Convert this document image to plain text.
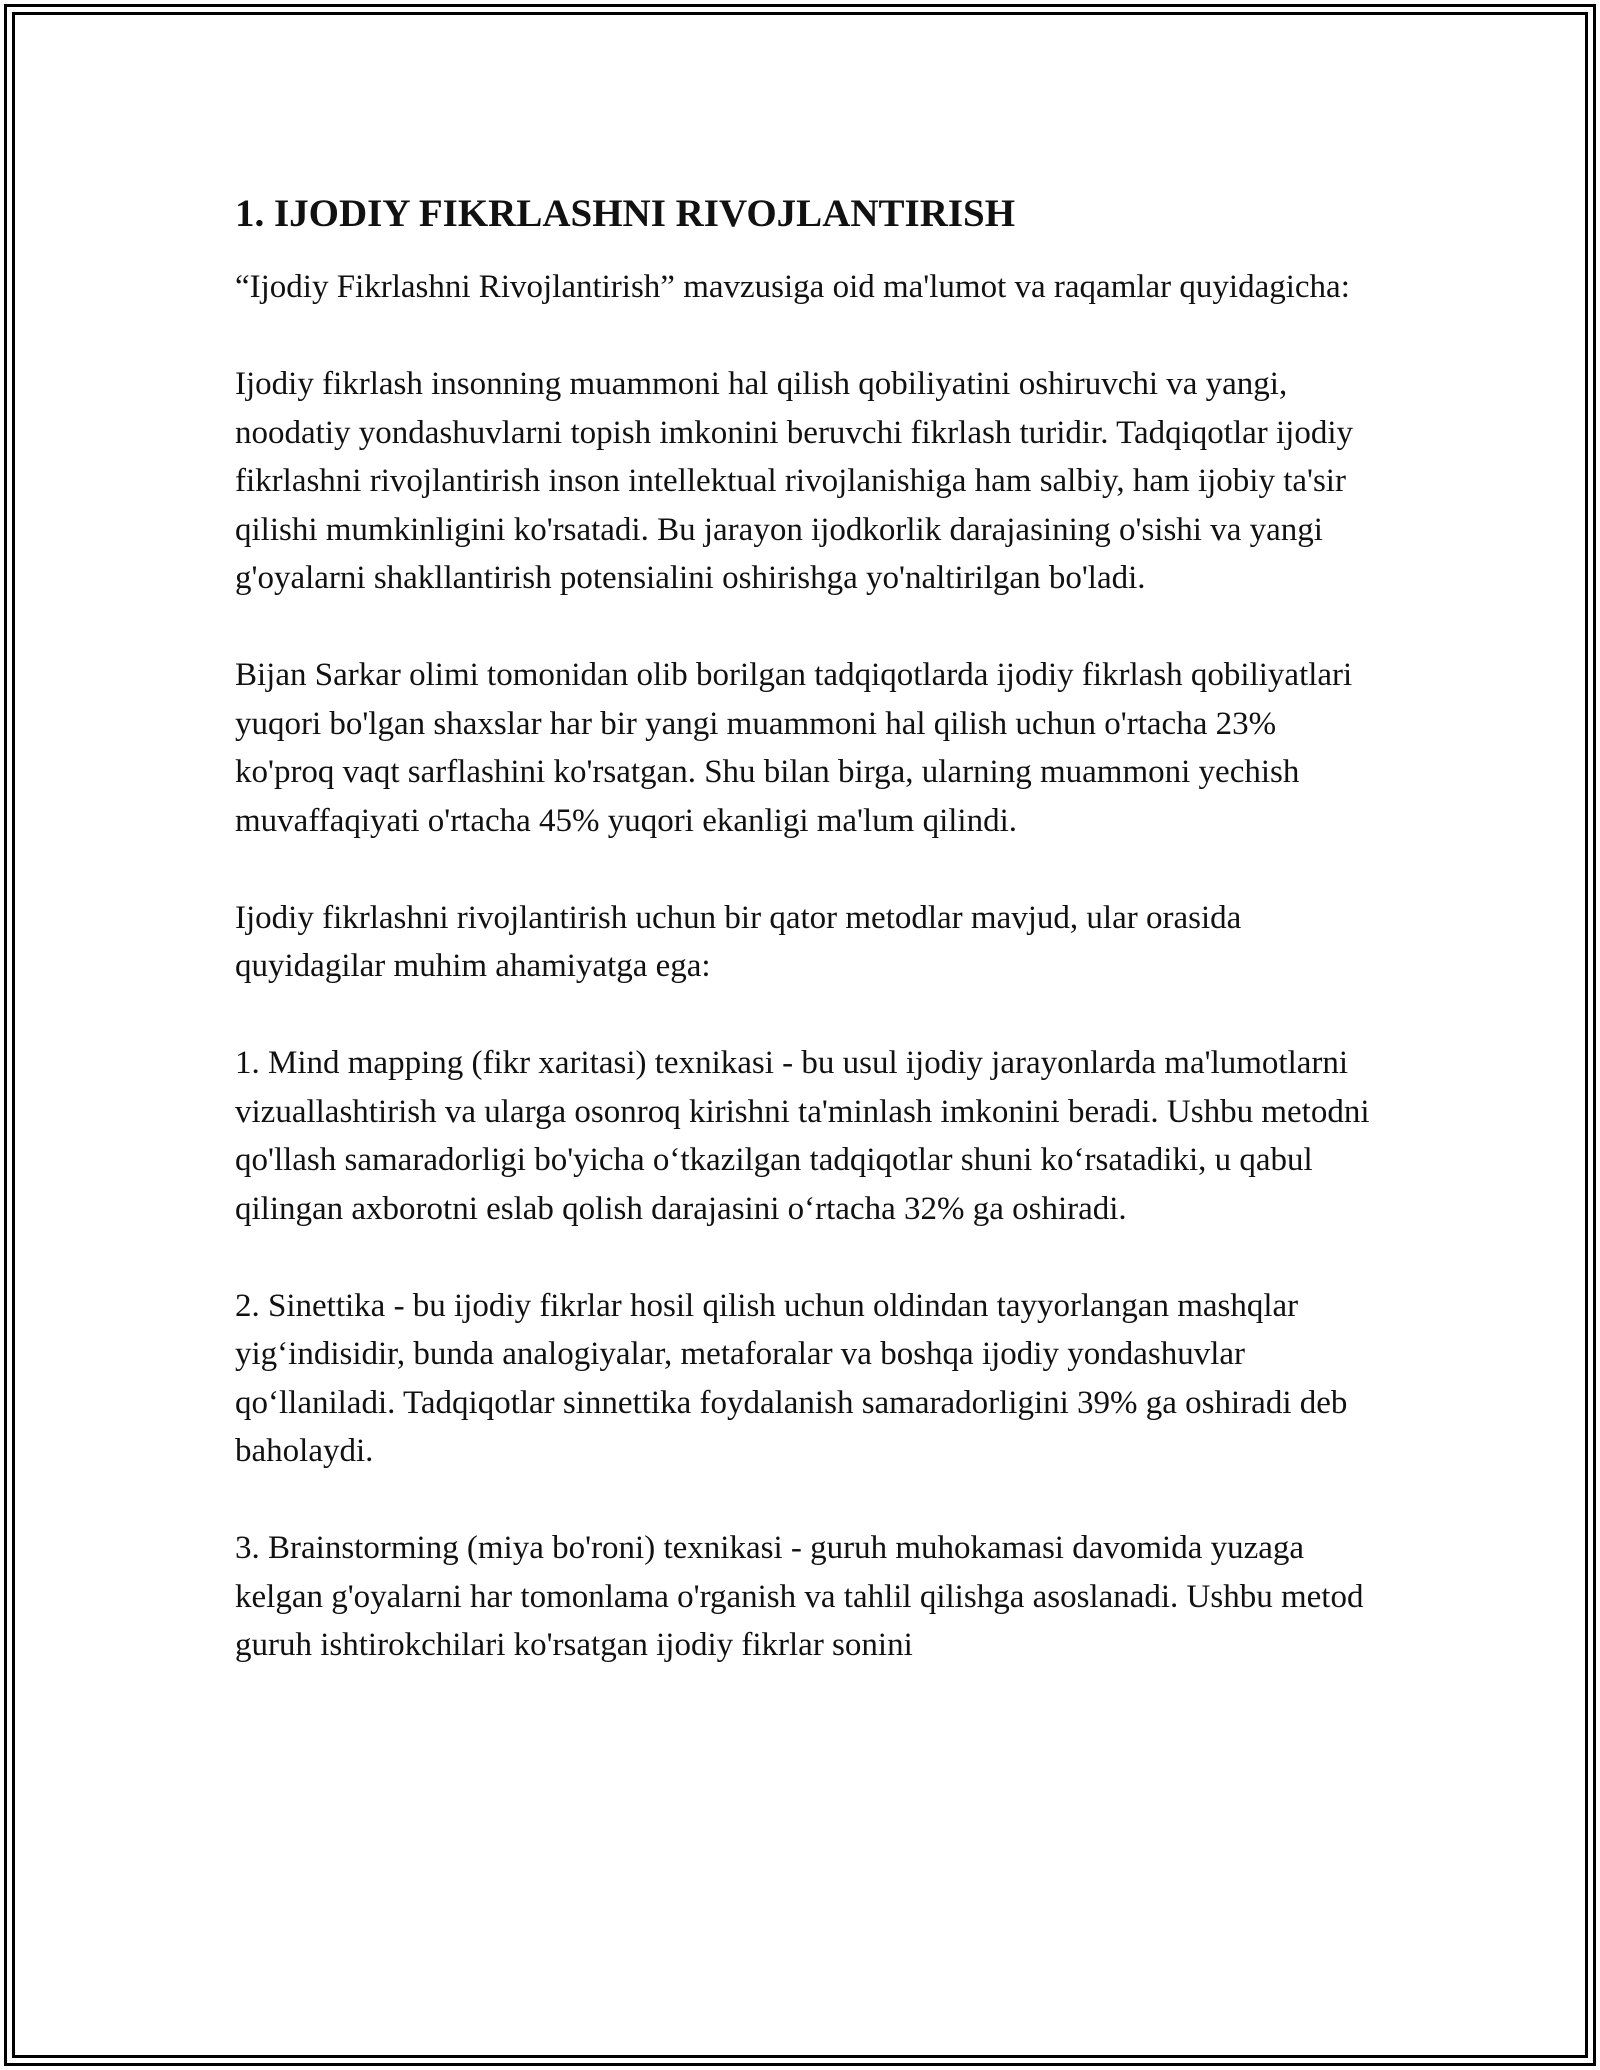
1. IJODIY FIKRLASHNI RIVOJLANTIRISH

“Ijodiy Fikrlashni Rivojlantirish” mavzusiga oid ma'lumot va raqamlar quyidagicha:

Ijodiy fikrlash insonning muammoni hal qilish qobiliyatini oshiruvchi va yangi, noodatiy yondashuvlarni topish imkonini beruvchi fikrlash turidir. Tadqiqotlar ijodiy fikrlashni rivojlantirish inson intellektual rivojlanishiga ham salbiy, ham ijobiy ta'sir qilishi mumkinligini ko'rsatadi. Bu jarayon ijodkorlik darajasining o'sishi va yangi g'oyalarni shakllantirish potensialini oshirishga yo'naltirilgan bo'ladi.

Bijan Sarkar olimi tomonidan olib borilgan tadqiqotlarda ijodiy fikrlash qobiliyatlari yuqori bo'lgan shaxslar har bir yangi muammoni hal qilish uchun o'rtacha 23% ko'proq vaqt sarflashini ko'rsatgan. Shu bilan birga, ularning muammoni yechish muvaffaqiyati o'rtacha 45% yuqori ekanligi ma'lum qilindi.

Ijodiy fikrlashni rivojlantirish uchun bir qator metodlar mavjud, ular orasida quyidagilar muhim ahamiyatga ega:

1. Mind mapping (fikr xaritasi) texnikasi - bu usul ijodiy jarayonlarda ma'lumotlarni vizuallashtirish va ularga osonroq kirishni ta'minlash imkonini beradi. Ushbu metodni qo'llash samaradorligi bo'yicha oʻtkazilgan tadqiqotlar shuni koʻrsatadiki, u qabul qilingan axborotni eslab qolish darajasini oʻrtacha 32% ga oshiradi.

2. Sinettika - bu ijodiy fikrlar hosil qilish uchun oldindan tayyorlangan mashqlar yigʻindisidir, bunda analogiyalar, metaforalar va boshqa ijodiy yondashuvlar qoʻllaniladi. Tadqiqotlar sinnettika foydalanish samaradorligini 39% ga oshiradi deb baholaydi.

3. Brainstorming (miya bo'roni) texnikasi - guruh muhokamasi davomida yuzaga kelgan g'oyalarni har tomonlama o'rganish va tahlil qilishga asoslanadi. Ushbu metod guruh ishtirokchilari ko'rsatgan ijodiy fikrlar sonini
